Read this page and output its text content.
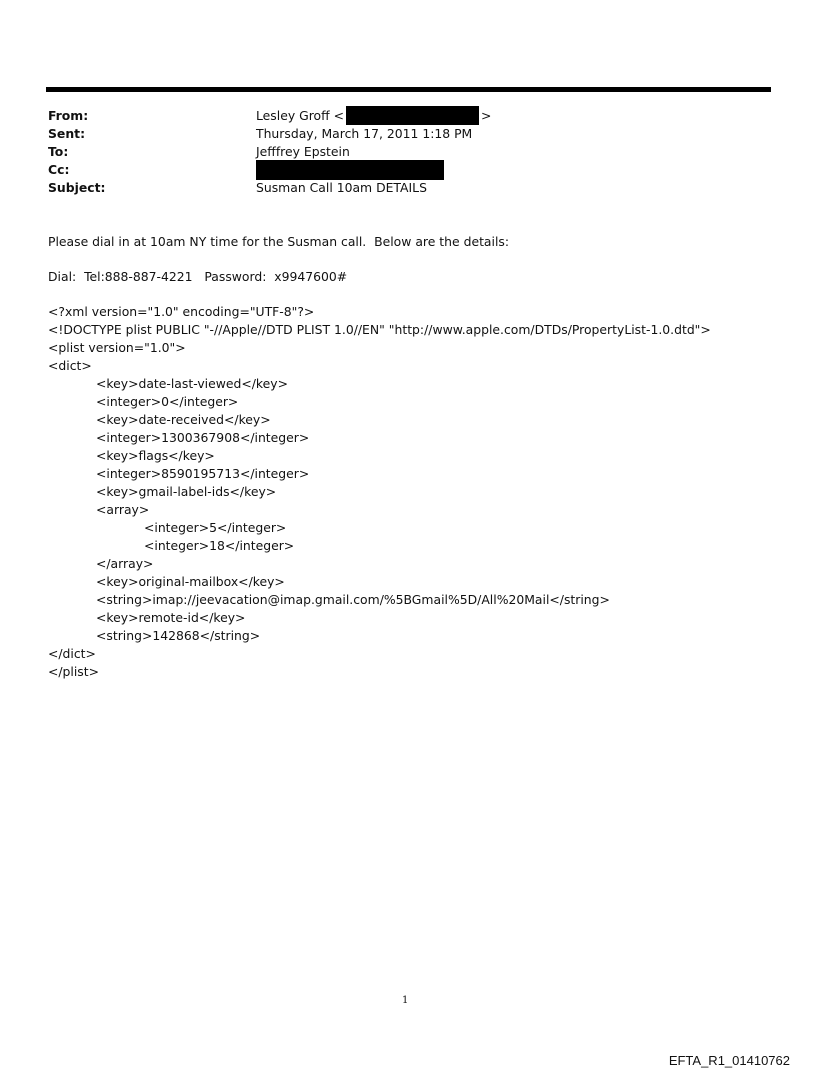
From:	Lesley Groff <	>
Sent:	Thursday, March 17, 2011 1:18 PM
To:	Jefffrey Epstein
Cc:
Subject:	Susman Call 10am DETAILS

Please dial in at 10am NY time for the Susman call.  Below are the details:

Dial:  Tel:888-887-4221   Password:  x9947600#

<?xml version="1.0" encoding="UTF-8"?>

<!DOCTYPE plist PUBLIC "-//Apple//DTD PLIST 1.0//EN" "http://www.apple.com/DTDs/PropertyList-1.0.dtd">

<plist version="1.0">

<dict>

<key>date-last-viewed</key>

<integer>0</integer>

<key>date-received</key>

<integer>1300367908</integer>

<key>flags</key>

<integer>8590195713</integer>

<key>gmail-label-ids</key>

<array>

<integer>5</integer>

<integer>18</integer>

</array>

<key>original-mailbox</key>

<string>imap://jeevacation@imap.gmail.com/%5BGmail%5D/All%20Mail</string>

<key>remote-id</key>

<string>142868</string>

</dict>

</plist>

1
EFTA_R1_01410762
